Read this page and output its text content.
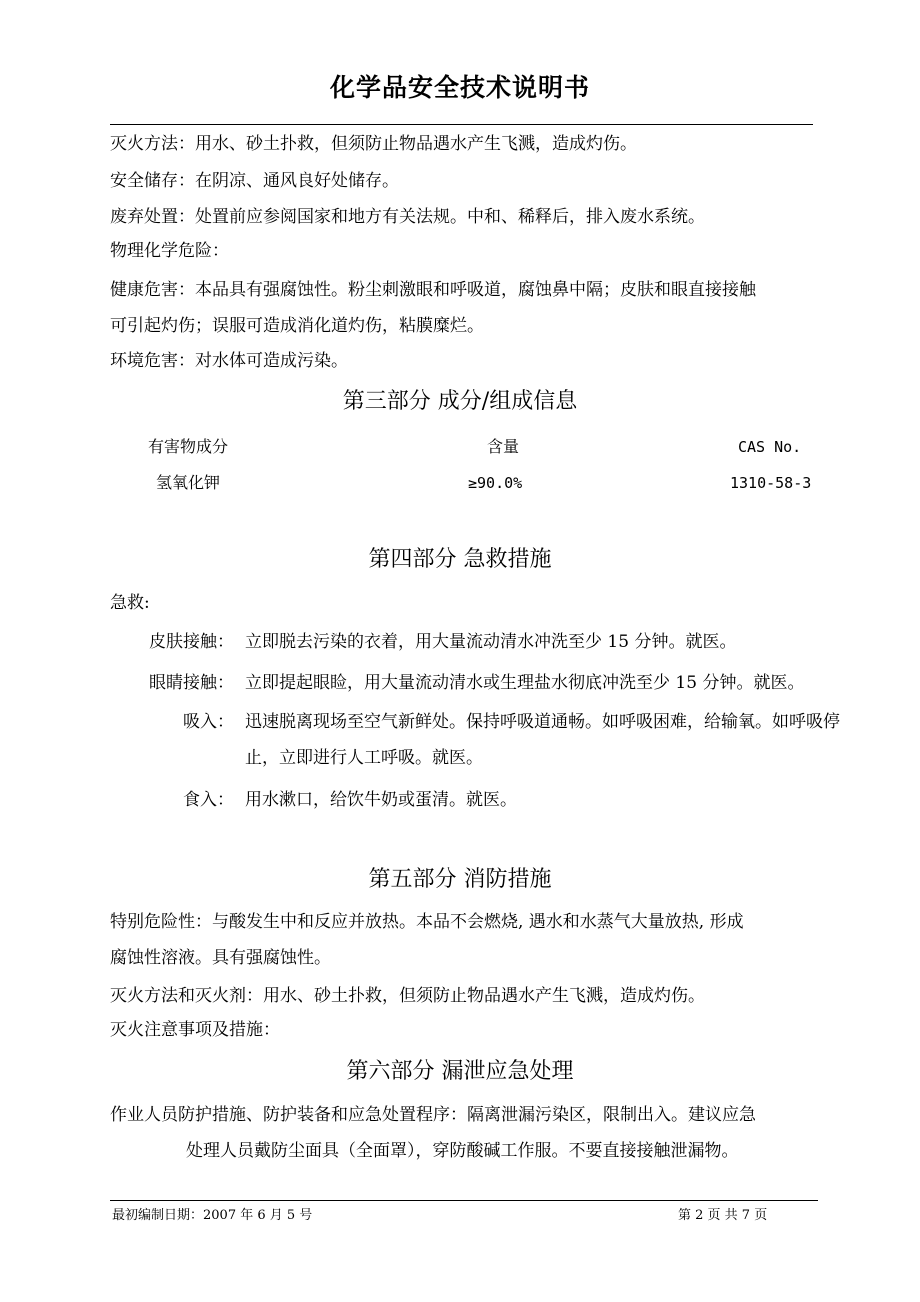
化学品安全技术说明书
灭火方法：用水、砂土扑救，但须防止物品遇水产生飞溅，造成灼伤。
安全储存：在阴凉、通风良好处储存。
废弃处置：处置前应参阅国家和地方有关法规。中和、稀释后，排入废水系统。
物理化学危险：
健康危害：本品具有强腐蚀性。粉尘刺激眼和呼吸道，腐蚀鼻中隔；皮肤和眼直接接触
可引起灼伤；误服可造成消化道灼伤，粘膜糜烂。
环境危害：对水体可造成污染。
第三部分 成分/组成信息
有害物成分	含量	CAS No.
氢氧化钾	≥90.0%	1310-58-3
第四部分 急救措施
急救:
皮肤接触： 立即脱去污染的衣着，用大量流动清水冲洗至少 15 分钟。就医。
眼睛接触： 立即提起眼睑，用大量流动清水或生理盐水彻底冲洗至少 15 分钟。就医。
吸入： 迅速脱离现场至空气新鲜处。保持呼吸道通畅。如呼吸困难，给输氧。如呼吸停
止，立即进行人工呼吸。就医。
食入： 用水漱口，给饮牛奶或蛋清。就医。
第五部分 消防措施
特别危险性：与酸发生中和反应并放热。本品不会燃烧, 遇水和水蒸气大量放热, 形成
腐蚀性溶液。具有强腐蚀性。
灭火方法和灭火剂：用水、砂土扑救，但须防止物品遇水产生飞溅，造成灼伤。
灭火注意事项及措施：
第六部分 漏泄应急处理
作业人员防护措施、防护装备和应急处置程序：隔离泄漏污染区，限制出入。建议应急
处理人员戴防尘面具（全面罩），穿防酸碱工作服。不要直接接触泄漏物。
最初编制日期：2007 年 6 月 5 号	第 2 页 共 7 页
